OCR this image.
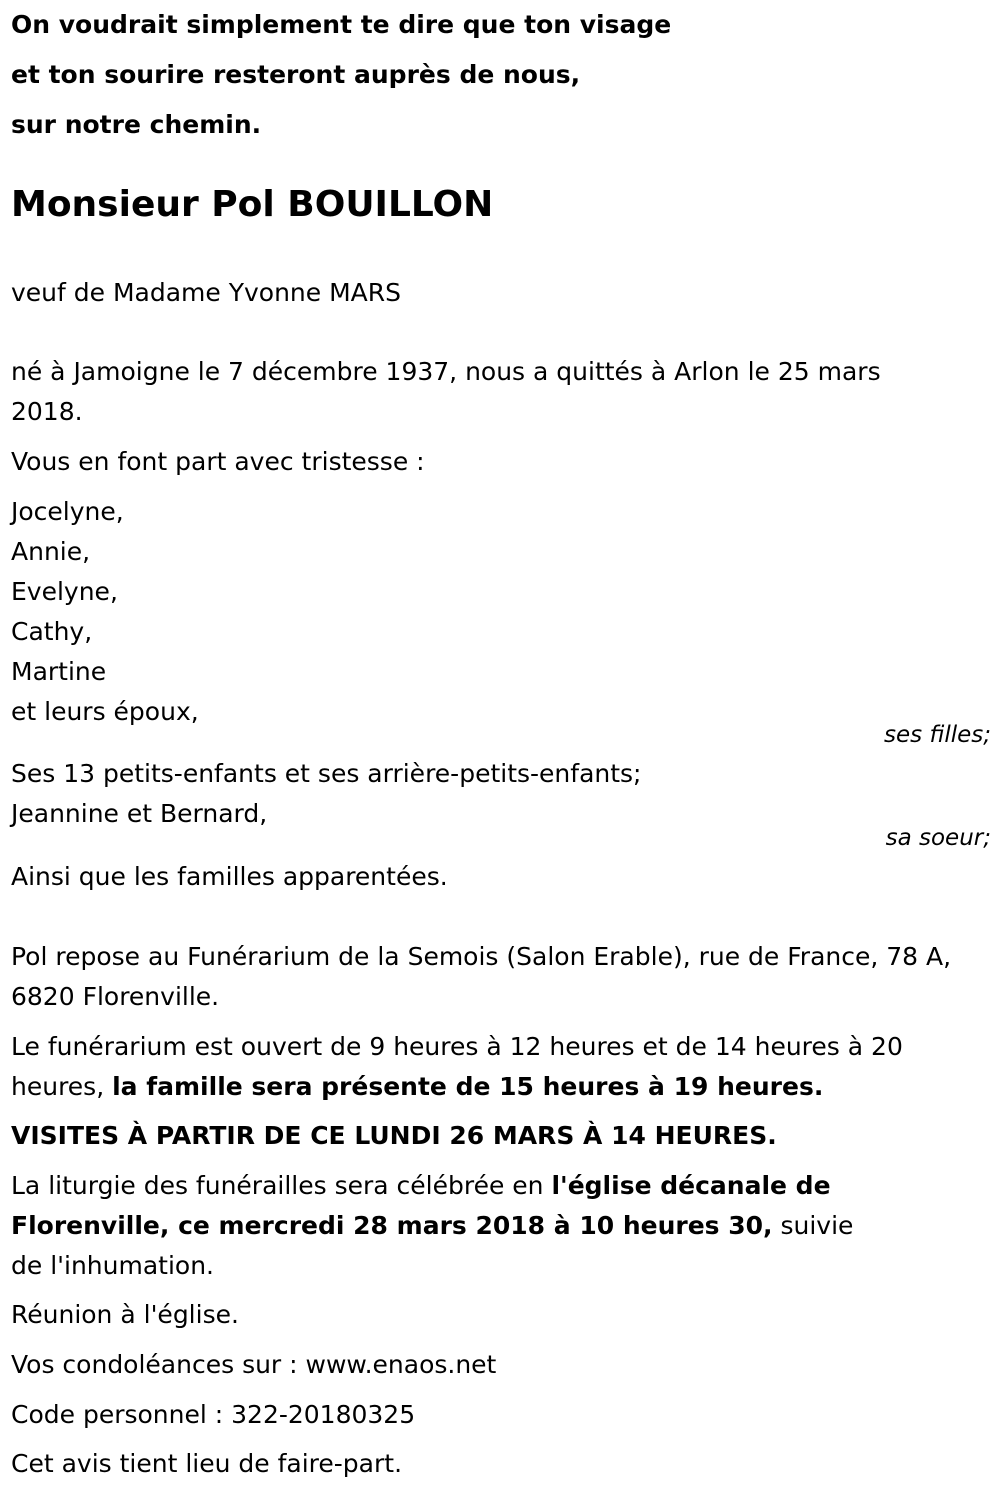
On voudrait simplement te dire que ton visage
et ton sourire resteront auprès de nous,
sur notre chemin.
Monsieur Pol BOUILLON
veuf de Madame Yvonne MARS
né à Jamoigne le 7 décembre 1937, nous a quittés à Arlon le 25 mars 2018.
Vous en font part avec tristesse :
Jocelyne,
Annie,
Evelyne,
Cathy,
Martine
et leurs époux,
ses filles;
Ses 13 petits-enfants et ses arrière-petits-enfants;
Jeannine et Bernard,
sa soeur;
Ainsi que les familles apparentées.
Pol repose au Funérarium de la Semois (Salon Erable), rue de France, 78 A, 6820 Florenville.
Le funérarium est ouvert de 9 heures à 12 heures et de 14 heures à 20 heures, la famille sera présente de 15 heures à 19 heures.
VISITES À PARTIR DE CE LUNDI 26 MARS À 14 HEURES.
La liturgie des funérailles sera célébrée en l'église décanale de Florenville, ce mercredi 28 mars 2018 à 10 heures 30, suivie de l'inhumation.
Réunion à l'église.
Vos condoléances sur : www.enaos.net
Code personnel : 322-20180325
Cet avis tient lieu de faire-part.
